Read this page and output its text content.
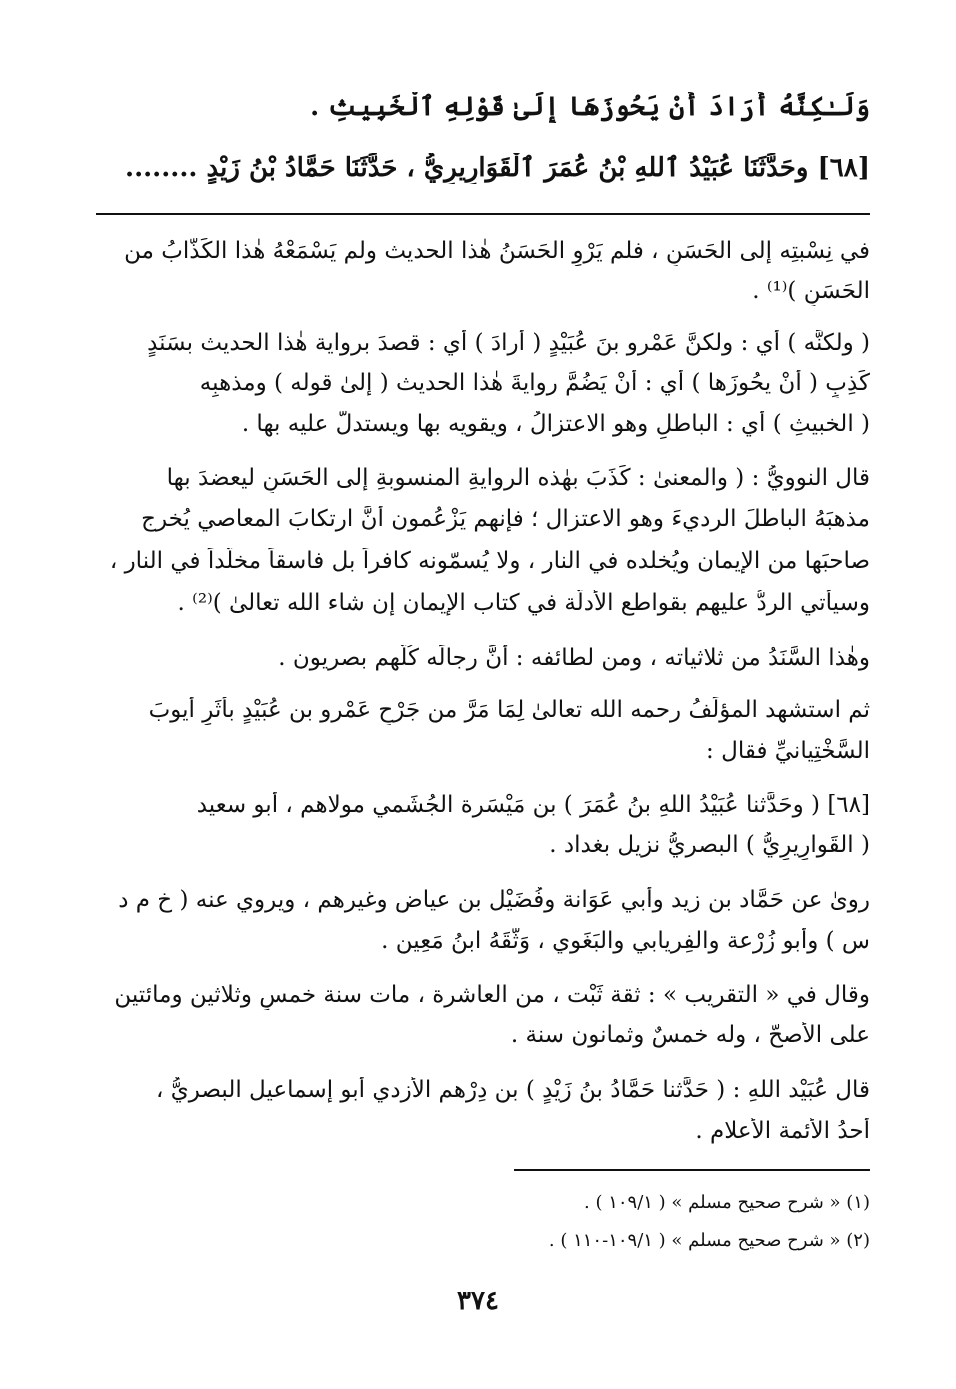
وَلَـٰكِنَّهُ أَرَادَ أَنْ يَحُوزَهَا إِلَىٰ قَوْلِهِ ٱلْخَبِيثِ .
[٦٨] وحَدَّثَنَا عُبَيْدُ ٱللهِ بْنُ عُمَرَ ٱلْقَوَارِيرِيُّ ، حَدَّثَنَا حَمَّادُ بْنُ زَيْدٍ ........
في نِسْبتِه إلى الحَسَنِ ، فلم يَرْوِ الحَسَنُ هٰذا الحديث ولم يَسْمَعْهُ هٰذا الكَذَّابُ من
الحَسَنِ )⁽¹⁾ .
( ولكنَّه ) أي : ولكنَّ عَمْرو بنَ عُبَيْدٍ ( أرادَ ) أي : قصدَ برواية هٰذا الحديث بسَنَدٍ
كَذِبٍ ( أنْ يحُوزَها ) أي : أنْ يَضُمَّ روايةَ هٰذا الحديث ( إلىٰ قوله ) ومذهبِه
( الخبيثِ ) أي : الباطلِ وهو الاعتزالُ ، ويقويه بها ويستدلّ عليه بها .
قال النوويُّ : ( والمعنىٰ : كَذَبَ بهٰذه الروايةِ المنسوبةِ إلى الحَسَنِ ليعضدَ بها
مذهبَهُ الباطلَ الرديءَ وهو الاعتزال ؛ فإنهم يَزْعُمون أنَّ ارتكابَ المعاصي يُخرج
صاحبَها من الإيمان ويُخلده في النار ، ولا يُسمّونه كافراً بل فاسقاً مخلّداً في النار ،
وسيأتي الردُّ عليهم بقواطع الأدلَّة في كتاب الإيمان إن شاء الله تعالىٰ )⁽²⁾ .
وهٰذا السَّنَدُ من ثلاثياته ، ومن لطائفه : أنَّ رجالَه كُلَّهم بصريون .
ثم استشهد المؤلِّفُ رحمه الله تعالىٰ لِمَا مَرَّ من جَرْحِ عَمْرو بن عُبَيْدٍ بأثَرِ أيوبَ
السَّخْتِيانيِّ فقال :
[٦٨] ( وحَدَّثنا عُبَيْدُ اللهِ بنُ عُمَرَ ) بن مَيْسَرة الجُشَمي مولاهم ، أبو سعيد
( القَوارِيرِيُّ ) البصريُّ نزيل بغداد .
روىٰ عن حَمَّاد بن زيد وأبي عَوَانة وفُضَيْل بن عياض وغيرهم ، ويروي عنه ( خ م د
س ) وأبو زُرْعة والفِريابي والبَغَوي ، وَثَّقَهُ ابنُ مَعِين .
وقال في « التقريب » : ثقة ثَبْت ، من العاشرة ، مات سنة خمسٍ وثلاثين ومائتين
على الأصحّ ، وله خمسٌ وثمانون سنة .
قال عُبَيْد اللهِ : ( حَدَّثنا حَمَّادُ بنُ زَيْدٍ ) بن دِرْهم الأزدي أبو إسماعيل البصريُّ ،
أحدُ الأئمة الأعلام .
(١) « شرح صحيح مسلم » ( ١٠٩/١ ) .
(٢) « شرح صحيح مسلم » ( ١٠٩/١-١١٠ ) .
٣٧٤
